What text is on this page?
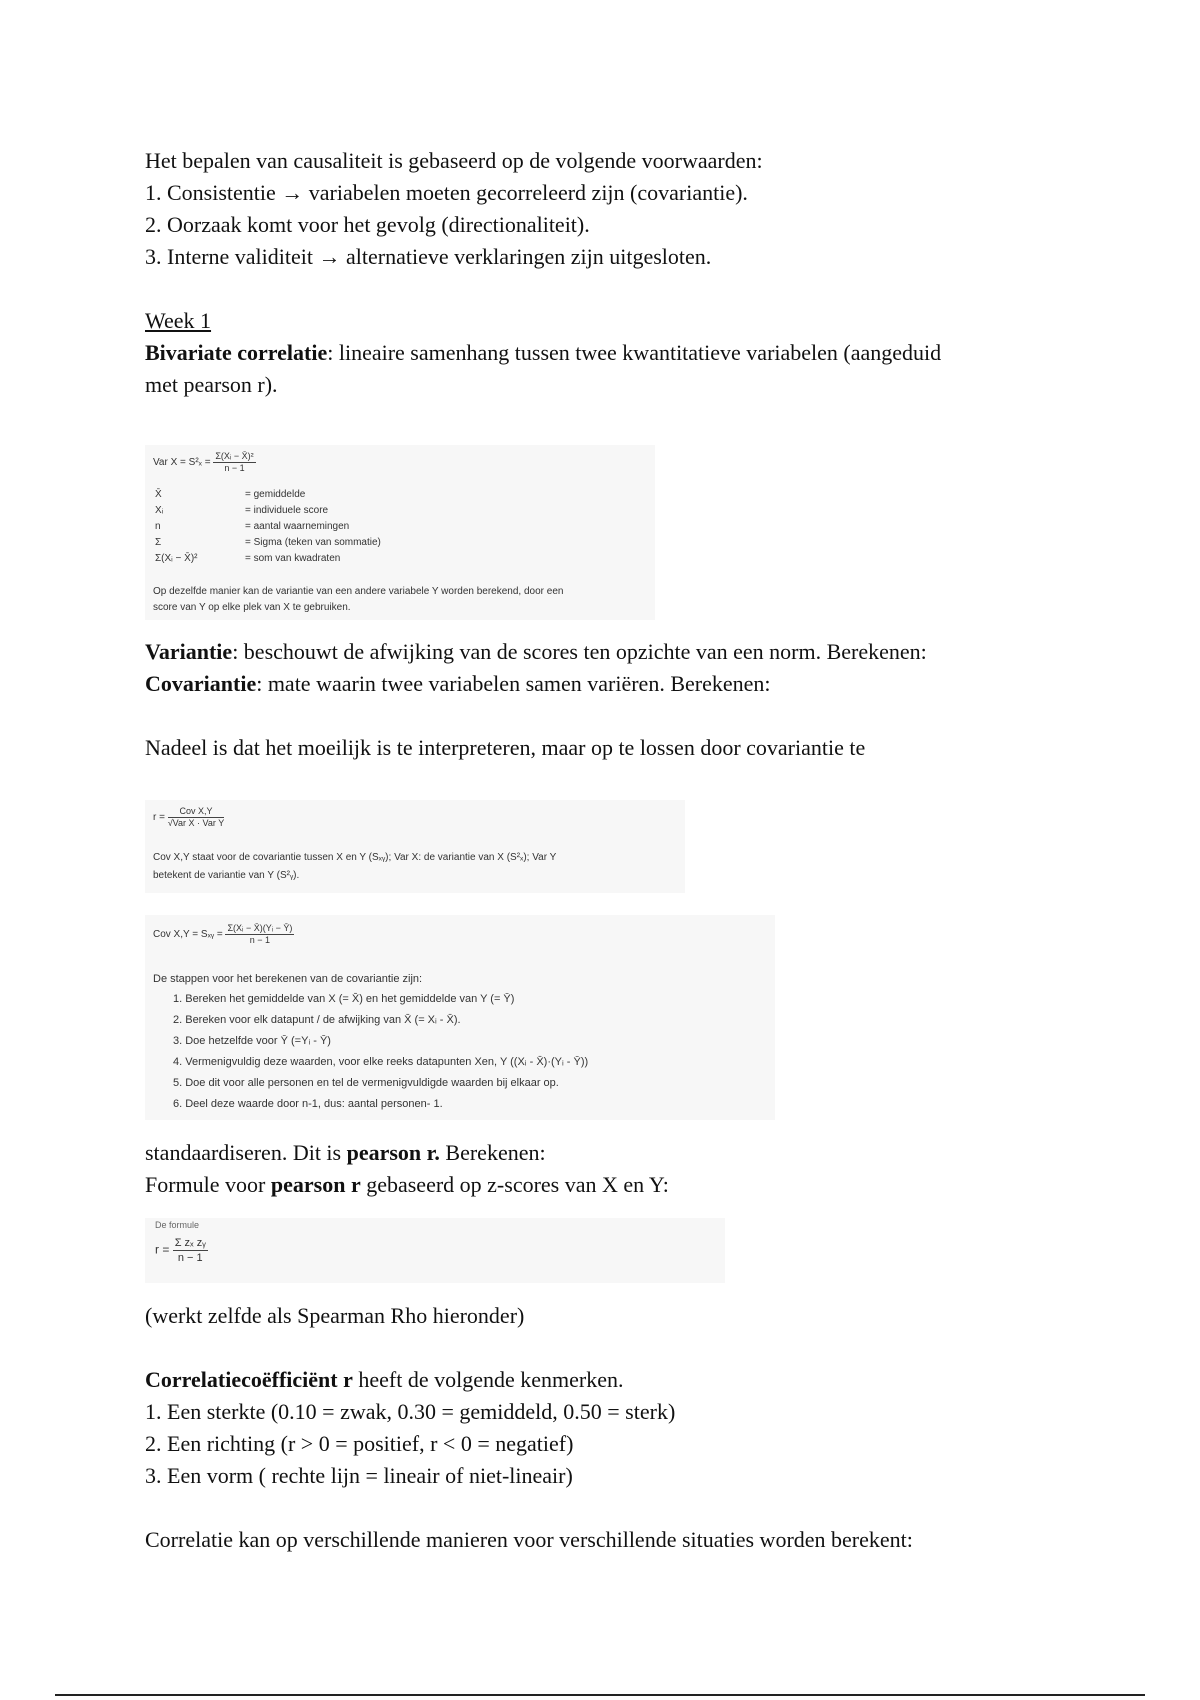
Het bepalen van causaliteit is gebaseerd op de volgende voorwaarden:
1. Consistentie → variabelen moeten gecorreleerd zijn (covariantie).
2. Oorzaak komt voor het gevolg (directionaliteit).
3. Interne validiteit → alternatieve verklaringen zijn uitgesloten.
Week 1
Bivariate correlatie: lineaire samenhang tussen twee kwantitatieve variabelen (aangeduid
met pearson r).
Var $X = S^2_x = \frac{\text{Σ(Xᵢ − X̄)²}}{n - 1}$
X̄	= gemiddelde
Xᵢ	= individuele score
n	= aantal waarnemingen
Σ	= Sigma (teken van sommatie)
Σ(Xᵢ − X̄)²	= som van kwadraten
Op dezelfde manier kan de variantie van een andere variabele Y worden berekend, door een
score van Y op elke plek van X te gebruiken.
Variantie: beschouwt de afwijking van de scores ten opzichte van een norm. Berekenen:
Covariantie: mate waarin twee variabelen samen variëren. Berekenen:
Nadeel is dat het moeilijk is te interpreteren, maar op te lossen door covariantie te
$r = \frac{\text{Cov X,Y}}{\text{√Var X · Var Y}}$
Cov X,Y staat voor de covariantie tussen X en Y (Sₓᵧ); Var X: de variantie van X (S²ₓ); Var Y
betekent de variantie van Y (S²ᵧ).
Cov X,Y = Sₓᵧ = $\frac{\text{Σ(Xᵢ − X̄)(Yᵢ − Ȳ)}}{n - 1}$
De stappen voor het berekenen van de covariantie zijn:
1. Bereken het gemiddelde van X (= X̄) en het gemiddelde van Y (= Ȳ)
2. Bereken voor elk datapunt / de afwijking van X̄ (= Xᵢ - X̄).
3. Doe hetzelfde voor Ȳ (=Yᵢ - Ȳ)
4. Vermenigvuldig deze waarden, voor elke reeks datapunten Xen, Y ((Xᵢ - X̄)·(Yᵢ - Ȳ))
5. Doe dit voor alle personen en tel de vermenigvuldigde waarden bij elkaar op.
6. Deel deze waarde door n-1, dus: aantal personen- 1.
standaardiseren. Dit is pearson r. Berekenen:
Formule voor pearson r gebaseerd op z-scores van X en Y:
De formule
$r = \frac{\text{Σ zₓ zᵧ}}{n - 1}$
(werkt zelfde als Spearman Rho hieronder)
Correlatiecoëfficiënt r heeft de volgende kenmerken.
1. Een sterkte (0.10 = zwak, 0.30 = gemiddeld, 0.50 = sterk)
2. Een richting (r > 0 = positief, r < 0 = negatief)
3. Een vorm ( rechte lijn = lineair of niet-lineair)
Correlatie kan op verschillende manieren voor verschillende situaties worden berekent:
